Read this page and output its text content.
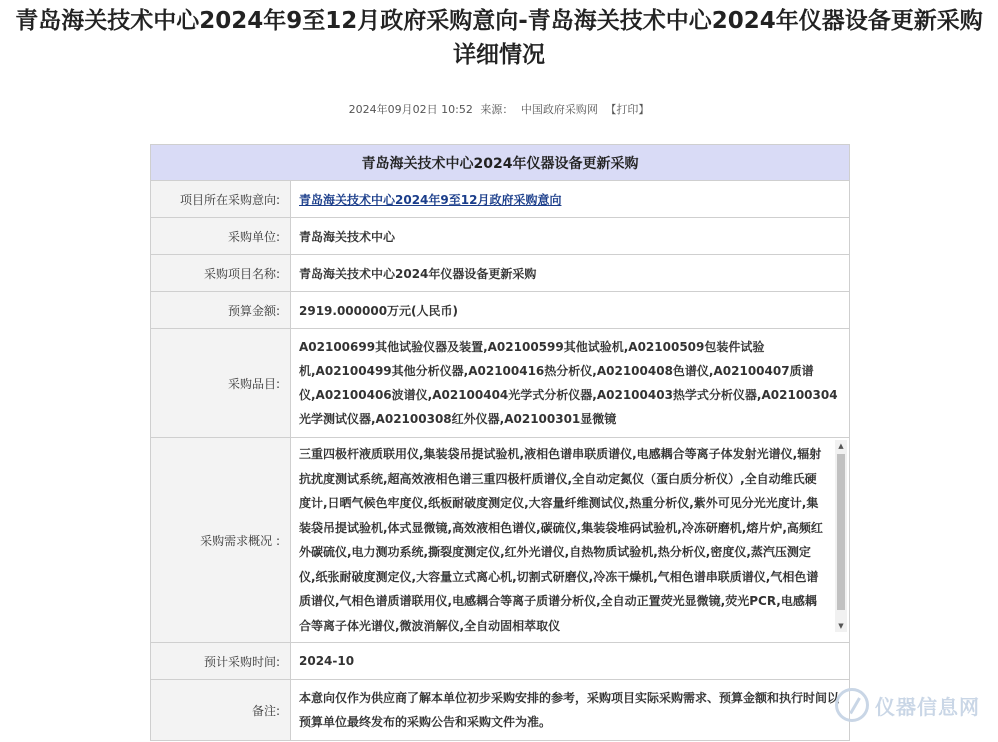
青岛海关技术中心2024年9至12月政府采购意向-青岛海关技术中心2024年仪器设备更新采购 详细情况
2024年09月02日 10:52 来源： 中国政府采购网 【打印】
青岛海关技术中心2024年仪器设备更新采购	
项目所在采购意向:	青岛海关技术中心2024年9至12月政府采购意向
采购单位:	青岛海关技术中心
采购项目名称:	青岛海关技术中心2024年仪器设备更新采购
预算金额:	2919.000000万元(人民币)
采购品目:	A02100699其他试验仪器及装置,A02100599其他试验机,A02100509包装件试验机,A02100499其他分析仪器,A02100416热分析仪,A02100408色谱仪,A02100407质谱仪,A02100406波谱仪,A02100404光学式分析仪器,A02100403热学式分析仪器,A02100304光学测试仪器,A02100308红外仪器,A02100301显微镜

采购需求概况 :	三重四极杆液质联用仪,集装袋吊提试验机,液相色谱串联质谱仪,电感耦合等离子体发射光谱仪,辐射抗扰度测试系统,超高效液相色谱三重四极杆质谱仪,全自动定氮仪（蛋白质分析仪）,全自动维氏硬度计,日晒气候色牢度仪,纸板耐破度测定仪,大容量纤维测试仪,热重分析仪,紫外可见分光光度计,集装袋吊提试验机,体式显微镜,高效液相色谱仪,碳硫仪,集装袋堆码试验机,冷冻研磨机,熔片炉,高频红外碳硫仪,电力测功系统,撕裂度测定仪,红外光谱仪,自热物质试验机,热分析仪,密度仪,蒸汽压测定仪,纸张耐破度测定仪,大容量立式离心机,切割式研磨仪,冷冻干燥机,气相色谱串联质谱仪,气相色谱质谱仪,气相色谱质谱联用仪,电感耦合等离子质谱分析仪,全自动正置荧光显微镜,荧光PCR,电感耦合等离子体光谱仪,微波消解仪,全自动固相萃取仪
▲
▼

预计采购时间:	2024-10
备注:	本意向仅作为供应商了解本单位初步采购安排的参考，采购项目实际采购需求、预算金额和执行时间以预算单位最终发布的采购公告和采购文件为准。
仪器信息网
